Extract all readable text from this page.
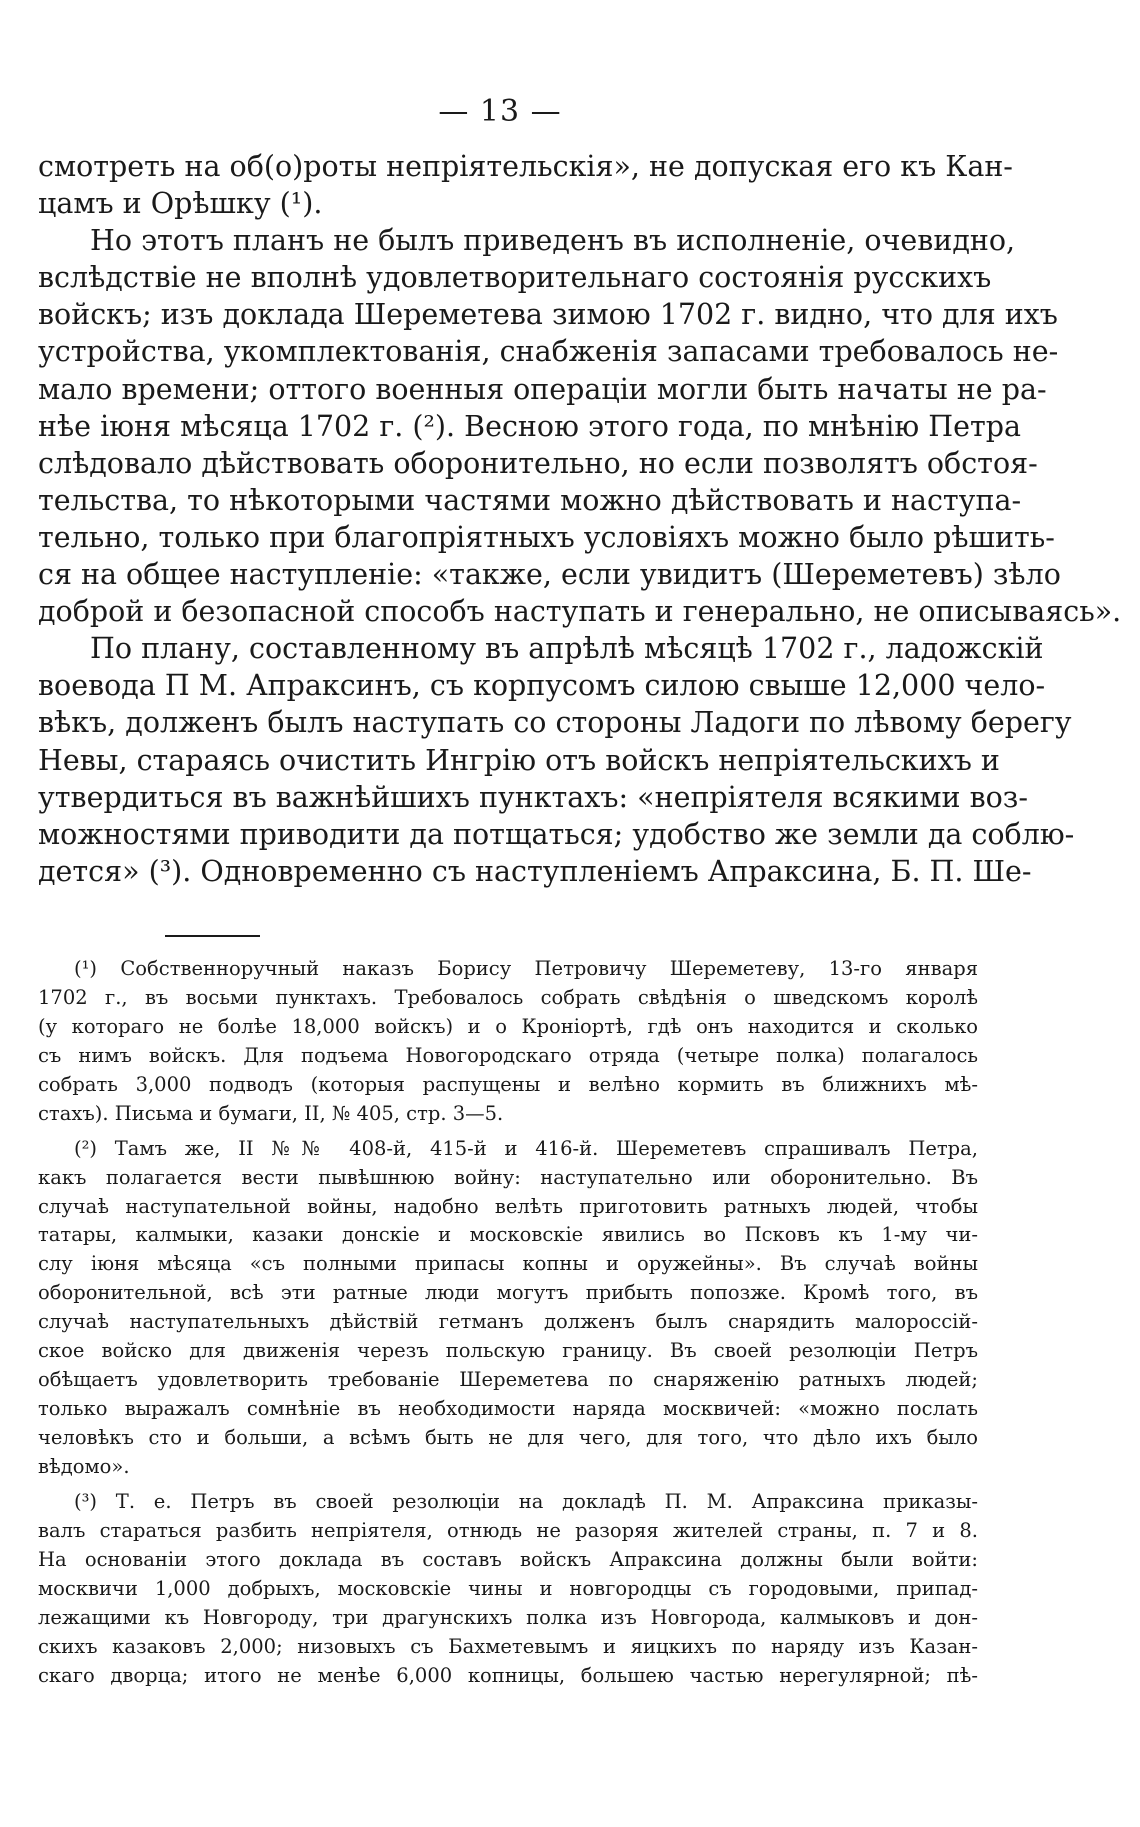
— 13 —
смотреть на об(о)роты непріятельскія», не допуская его къ Кан-
цамъ и Орѣшку (¹).
Но этотъ планъ не былъ приведенъ въ исполненіе, очевидно,
вслѣдствіе не вполнѣ удовлетворительнаго состоянія русскихъ
войскъ; изъ доклада Шереметева зимою 1702 г. видно, что для ихъ
устройства, укомплектованія, снабженія запасами требовалось не-
мало времени; оттого военныя операціи могли быть начаты не ра-
нѣе іюня мѣсяца 1702 г. (²). Весною этого года, по мнѣнію Петра
слѣдовало дѣйствовать оборонительно, но если позволятъ обстоя-
тельства, то нѣкоторыми частями можно дѣйствовать и наступа-
тельно, только при благопріятныхъ условіяхъ можно было рѣшить-
ся на общее наступленіе: «также, если увидитъ (Шереметевъ) зѣло
доброй и безопасной способъ наступать и генерально, не описываясь».
По плану, составленному въ апрѣлѣ мѣсяцѣ 1702 г., ладожскій
воевода П М. Апраксинъ, съ корпусомъ силою свыше 12,000 чело-
вѣкъ, долженъ былъ наступать со стороны Ладоги по лѣвому берегу
Невы, стараясь очистить Ингрію отъ войскъ непріятельскихъ и
утвердиться въ важнѣйшихъ пунктахъ: «непріятеля всякими воз-
можностями приводити да потщаться; удобство же земли да соблю-
дется» (³). Одновременно съ наступленіемъ Апраксина, Б. П. Ше-
(¹) Собственноручный наказъ Борису Петровичу Шереметеву, 13-го января
1702 г., въ восьми пунктахъ. Требовалось собрать свѣдѣнія о шведскомъ королѣ
(у котораго не болѣе 18,000 войскъ) и о Кроніортѣ, гдѣ онъ находится и сколько
съ нимъ войскъ. Для подъема Новогородскаго отряда (четыре полка) полагалось
собрать 3,000 подводъ (которыя распущены и велѣно кормить въ ближнихъ мѣ-
стахъ). Письма и бумаги, II, № 405, стр. 3—5.
(²) Тамъ же, II №№ 408-й, 415-й и 416-й. Шереметевъ спрашивалъ Петра,
какъ полагается вести пывѣшнюю войну: наступательно или оборонительно. Въ
случаѣ наступательной войны, надобно велѣть приготовить ратныхъ людей, чтобы
татары, калмыки, казаки донскіе и московскіе явились во Псковъ къ 1-му чи-
слу іюня мѣсяца «съ полными припасы копны и оружейны». Въ случаѣ войны
оборонительной, всѣ эти ратные люди могутъ прибыть попозже. Кромѣ того, въ
случаѣ наступательныхъ дѣйствій гетманъ долженъ былъ снарядить малороссій-
ское войско для движенія черезъ польскую границу. Въ своей резолюціи Петръ
обѣщаетъ удовлетворить требованіе Шереметева по снаряженію ратныхъ людей;
только выражалъ сомнѣніе въ необходимости наряда москвичей: «можно послать
человѣкъ сто и больши, а всѣмъ быть не для чего, для того, что дѣло ихъ было
вѣдомо».
(³) Т. е. Петръ въ своей резолюціи на докладѣ П. М. Апраксина приказы-
валъ стараться разбить непріятеля, отнюдь не разоряя жителей страны, п. 7 и 8.
На основаніи этого доклада въ составъ войскъ Апраксина должны были войти:
москвичи 1,000 добрыхъ, московскіе чины и новгородцы съ городовыми, припад-
лежащими къ Новгороду, три драгунскихъ полка изъ Новгорода, калмыковъ и дон-
скихъ казаковъ 2,000; низовыхъ съ Бахметевымъ и яицкихъ по наряду изъ Казан-
скаго дворца; итого не менѣе 6,000 копницы, большею частью нерегулярной; пѣ-
